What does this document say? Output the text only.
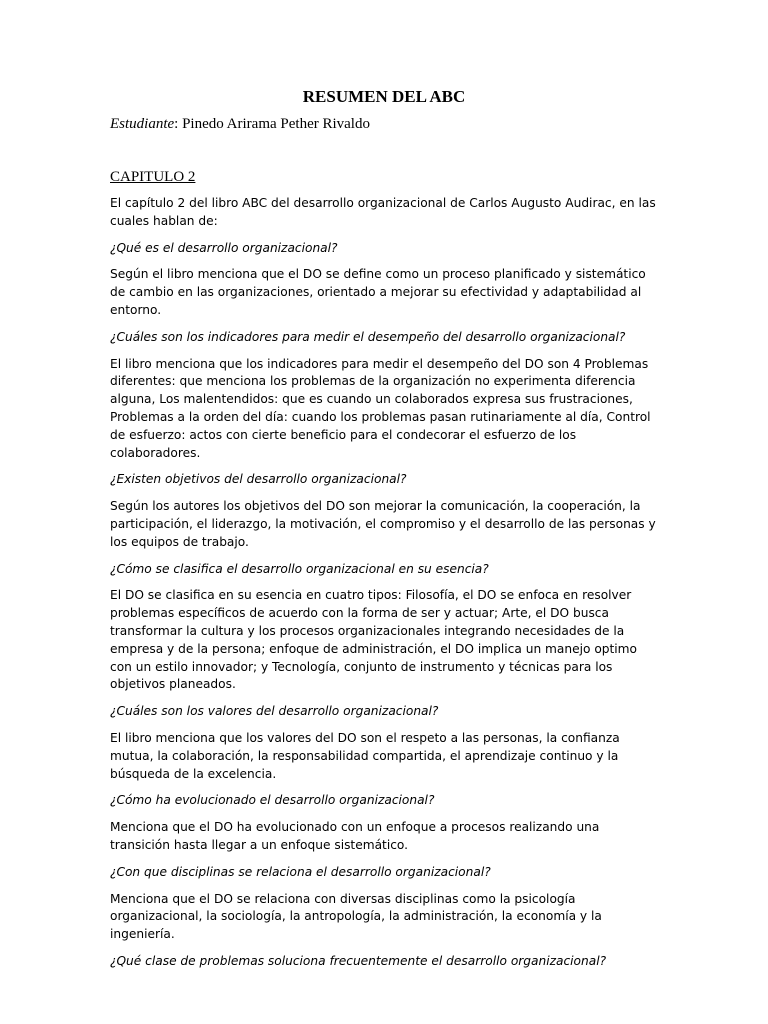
RESUMEN DEL ABC

Estudiante: Pinedo Arirama Pether Rivaldo

CAPITULO 2

El capítulo 2 del libro ABC del desarrollo organizacional de Carlos Augusto Audirac, en las cuales hablan de:

¿Qué es el desarrollo organizacional?

Según el libro menciona que el DO se define como un proceso planificado y sistemático de cambio en las organizaciones, orientado a mejorar su efectividad y adaptabilidad al entorno.

¿Cuáles son los indicadores para medir el desempeño del desarrollo organizacional?

El libro menciona que los indicadores para medir el desempeño del DO son 4 Problemas diferentes: que menciona los problemas de la organización no experimenta diferencia alguna, Los malentendidos: que es cuando un colaborados expresa sus frustraciones, Problemas a la orden del día: cuando los problemas pasan rutinariamente al día, Control de esfuerzo: actos con cierte beneficio para el condecorar el esfuerzo de los colaboradores.

¿Existen objetivos del desarrollo organizacional?

Según los autores los objetivos del DO son mejorar la comunicación, la cooperación, la participación, el liderazgo, la motivación, el compromiso y el desarrollo de las personas y los equipos de trabajo.

¿Cómo se clasifica el desarrollo organizacional en su esencia?

El DO se clasifica en su esencia en cuatro tipos: Filosofía, el DO se enfoca en resolver problemas específicos de acuerdo con la forma de ser y actuar; Arte, el DO busca transformar la cultura y los procesos organizacionales integrando necesidades de la empresa y de la persona; enfoque de administración, el DO implica un manejo optimo con un estilo innovador; y Tecnología, conjunto de instrumento y técnicas para los objetivos planeados.

¿Cuáles son los valores del desarrollo organizacional?

El libro menciona que los valores del DO son el respeto a las personas, la confianza mutua, la colaboración, la responsabilidad compartida, el aprendizaje continuo y la búsqueda de la excelencia.

¿Cómo ha evolucionado el desarrollo organizacional?

Menciona que el DO ha evolucionado con un enfoque a procesos realizando una transición hasta llegar a un enfoque sistemático.

¿Con que disciplinas se relaciona el desarrollo organizacional?

Menciona que el DO se relaciona con diversas disciplinas como la psicología organizacional, la sociología, la antropología, la administración, la economía y la ingeniería.

¿Qué clase de problemas soluciona frecuentemente el desarrollo organizacional?
